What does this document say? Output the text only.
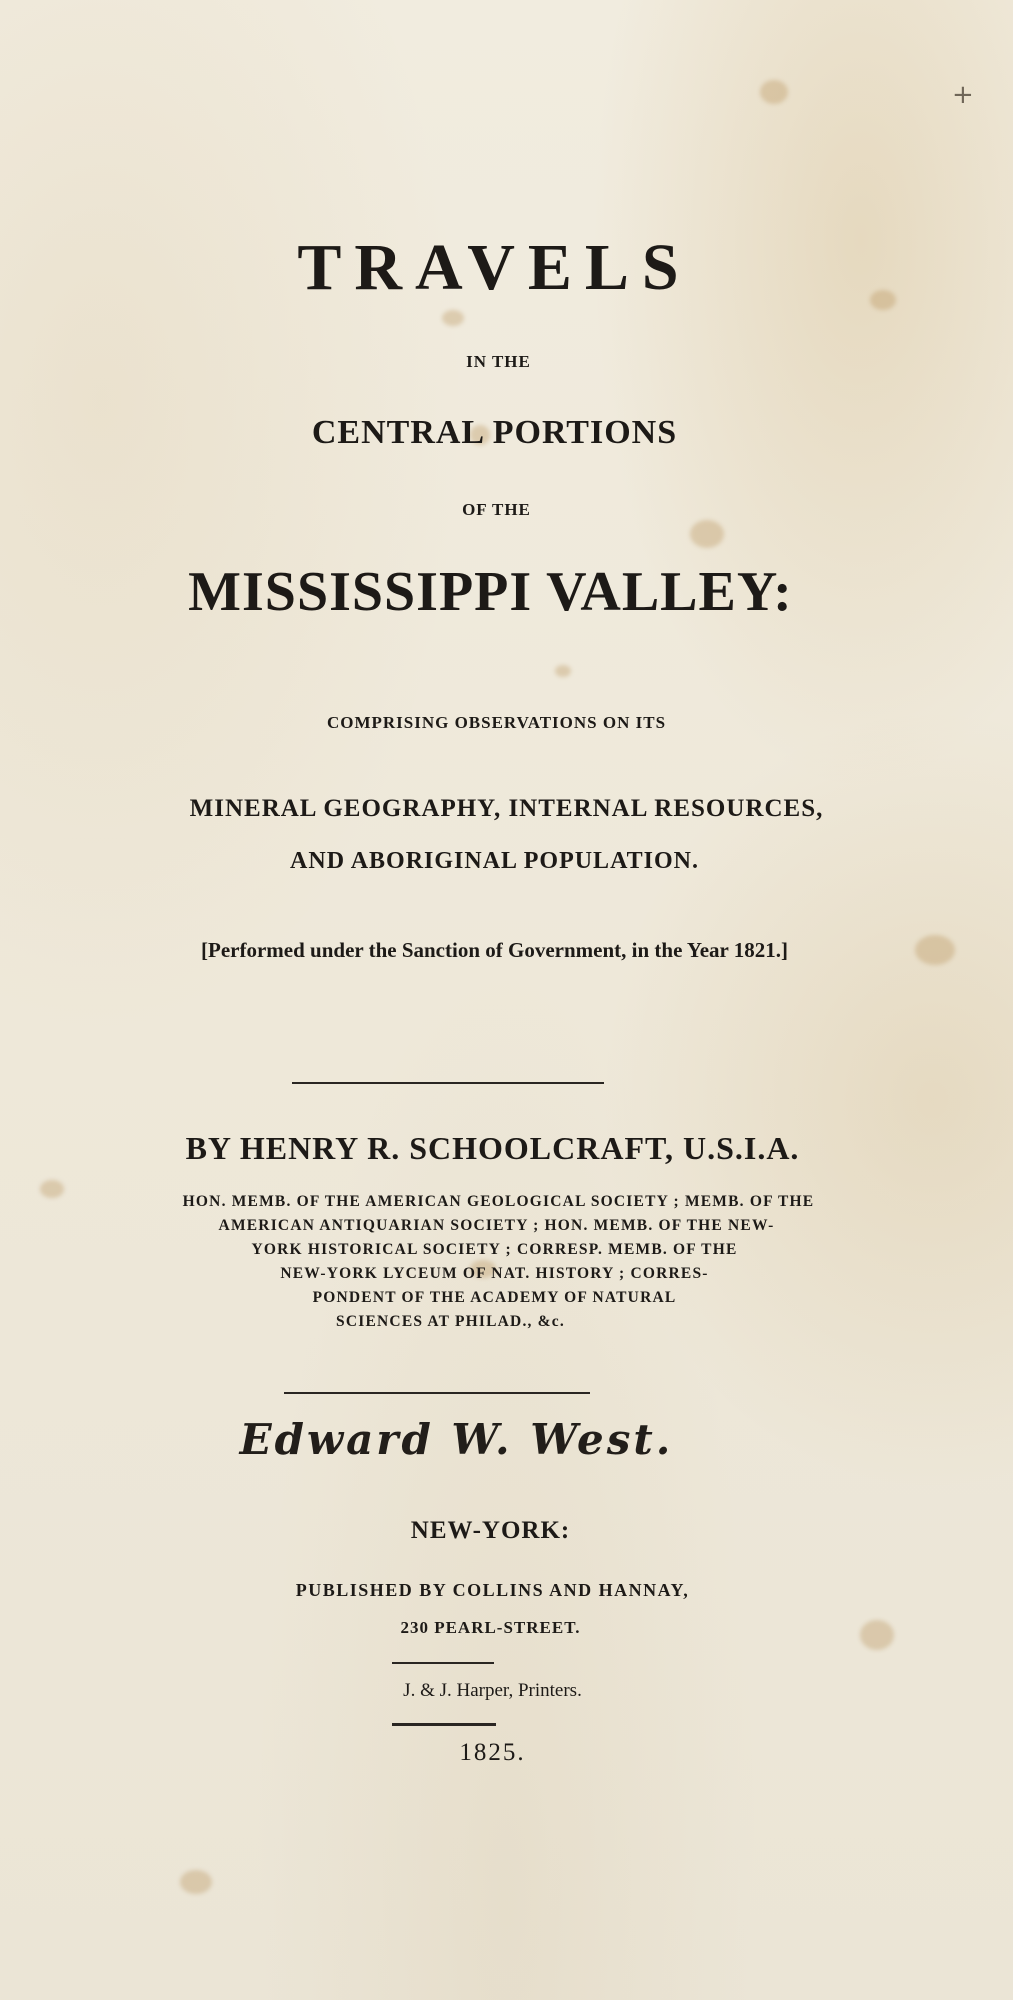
+
TRAVELS
IN THE
CENTRAL PORTIONS
OF THE
MISSISSIPPI VALLEY:
COMPRISING OBSERVATIONS ON ITS
MINERAL GEOGRAPHY, INTERNAL RESOURCES,
AND ABORIGINAL POPULATION.
[Performed under the Sanction of Government, in the Year 1821.]
BY HENRY R. SCHOOLCRAFT, U.S.I.A.
HON. MEMB. OF THE AMERICAN GEOLOGICAL SOCIETY ; MEMB. OF THE
AMERICAN ANTIQUARIAN SOCIETY ; HON. MEMB. OF THE NEW-
YORK HISTORICAL SOCIETY ; CORRESP. MEMB. OF THE
NEW-YORK LYCEUM OF NAT. HISTORY ; CORRES-
PONDENT OF THE ACADEMY OF NATURAL
SCIENCES AT PHILAD., &c.
Edward W. West.
NEW-YORK:
PUBLISHED BY COLLINS AND HANNAY,
230 PEARL-STREET.
J. & J. Harper, Printers.
1825.
